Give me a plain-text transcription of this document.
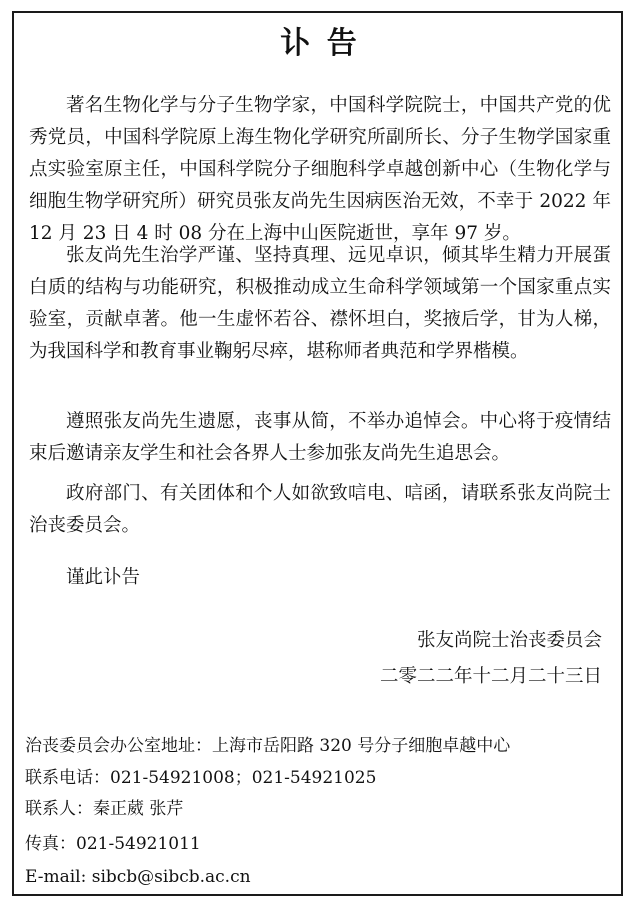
讣 告

著名生物化学与分子生物学家，中国科学院院士，中国共产党的优秀党员，中国科学院原上海生物化学研究所副所长、分子生物学国家重点实验室原主任，中国科学院分子细胞科学卓越创新中心（生物化学与细胞生物学研究所）研究员张友尚先生因病医治无效，不幸于 2022 年 12 月 23 日 4 时 08 分在上海中山医院逝世，享年 97 岁。

张友尚先生治学严谨、坚持真理、远见卓识，倾其毕生精力开展蛋白质的结构与功能研究，积极推动成立生命科学领域第一个国家重点实验室，贡献卓著。他一生虚怀若谷、襟怀坦白，奖掖后学，甘为人梯，为我国科学和教育事业鞠躬尽瘁，堪称师者典范和学界楷模。

遵照张友尚先生遗愿，丧事从简，不举办追悼会。中心将于疫情结束后邀请亲友学生和社会各界人士参加张友尚先生追思会。

政府部门、有关团体和个人如欲致唁电、唁函，请联系张友尚院士治丧委员会。

谨此讣告

张友尚院士治丧委员会
二零二二年十二月二十三日
治丧委员会办公室地址：上海市岳阳路 320 号分子细胞卓越中心
联系电话：021-54921008；021-54921025
联系人：秦正葳 张芹
传真：021-54921011
E-mail: sibcb@sibcb.ac.cn
